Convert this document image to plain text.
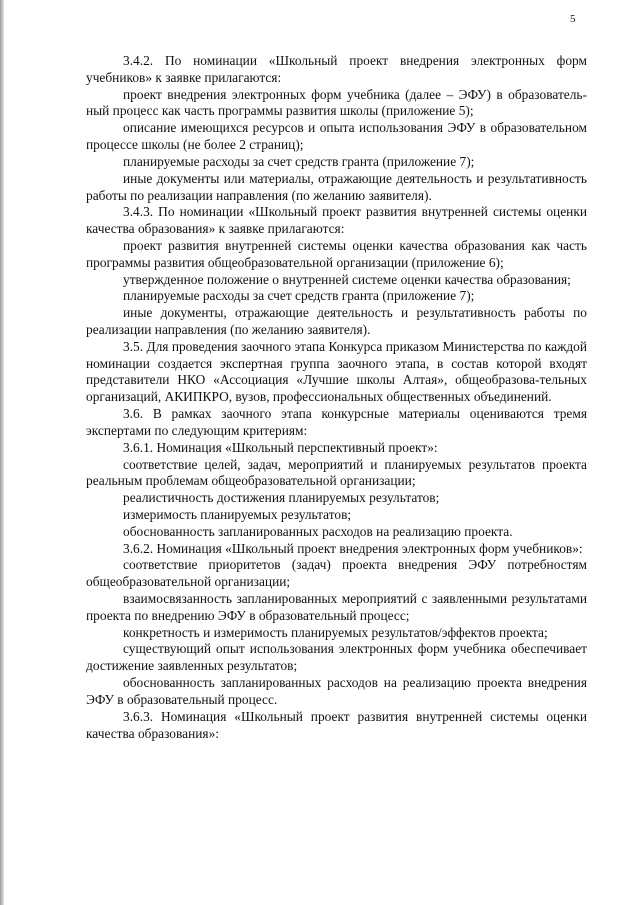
5

3.4.2. По номинации «Школьный проект внедрения электронных форм учебников» к заявке прилагаются:

проект внедрения электронных форм учебника (далее – ЭФУ) в образовательный процесс как часть программы развития школы (приложение 5);

описание имеющихся ресурсов и опыта использования ЭФУ в образовательном процессе школы (не более 2 страниц);

планируемые расходы за счет средств гранта (приложение 7);

иные документы или материалы, отражающие деятельность и результативность работы по реализации направления (по желанию заявителя).

3.4.3. По номинации «Школьный проект развития внутренней системы оценки качества образования» к заявке прилагаются:

проект развития внутренней системы оценки качества образования как часть программы развития общеобразовательной организации (приложение 6);

утвержденное положение о внутренней системе оценки качества образования;

планируемые расходы за счет средств гранта (приложение 7);

иные документы, отражающие деятельность и результативность работы по реализации направления (по желанию заявителя).

3.5. Для проведения заочного этапа Конкурса приказом Министерства по каждой номинации создается экспертная группа заочного этапа, в состав которой входят представители НКО «Ассоциация «Лучшие школы Алтая», общеобразова-тельных организаций, АКИПКРО, вузов, профессиональных общественных объединений.

3.6. В рамках заочного этапа конкурсные материалы оцениваются тремя экспертами по следующим критериям:

3.6.1. Номинация «Школьный перспективный проект»:

соответствие целей, задач, мероприятий и планируемых результатов проекта реальным проблемам общеобразовательной организации;

реалистичность достижения планируемых результатов;

измеримость планируемых результатов;

обоснованность запланированных расходов на реализацию проекта.

3.6.2. Номинация «Школьный проект внедрения электронных форм учебников»:

соответствие приоритетов (задач) проекта внедрения ЭФУ потребностям общеобразовательной организации;

взаимосвязанность запланированных мероприятий с заявленными результатами проекта по внедрению ЭФУ в образовательный процесс;

конкретность и измеримость планируемых результатов/эффектов проекта;

существующий опыт использования электронных форм учебника обеспечивает достижение заявленных результатов;

обоснованность запланированных расходов на реализацию проекта внедрения ЭФУ в образовательный процесс.

3.6.3. Номинация «Школьный проект развития внутренней системы оценки качества образования»:
